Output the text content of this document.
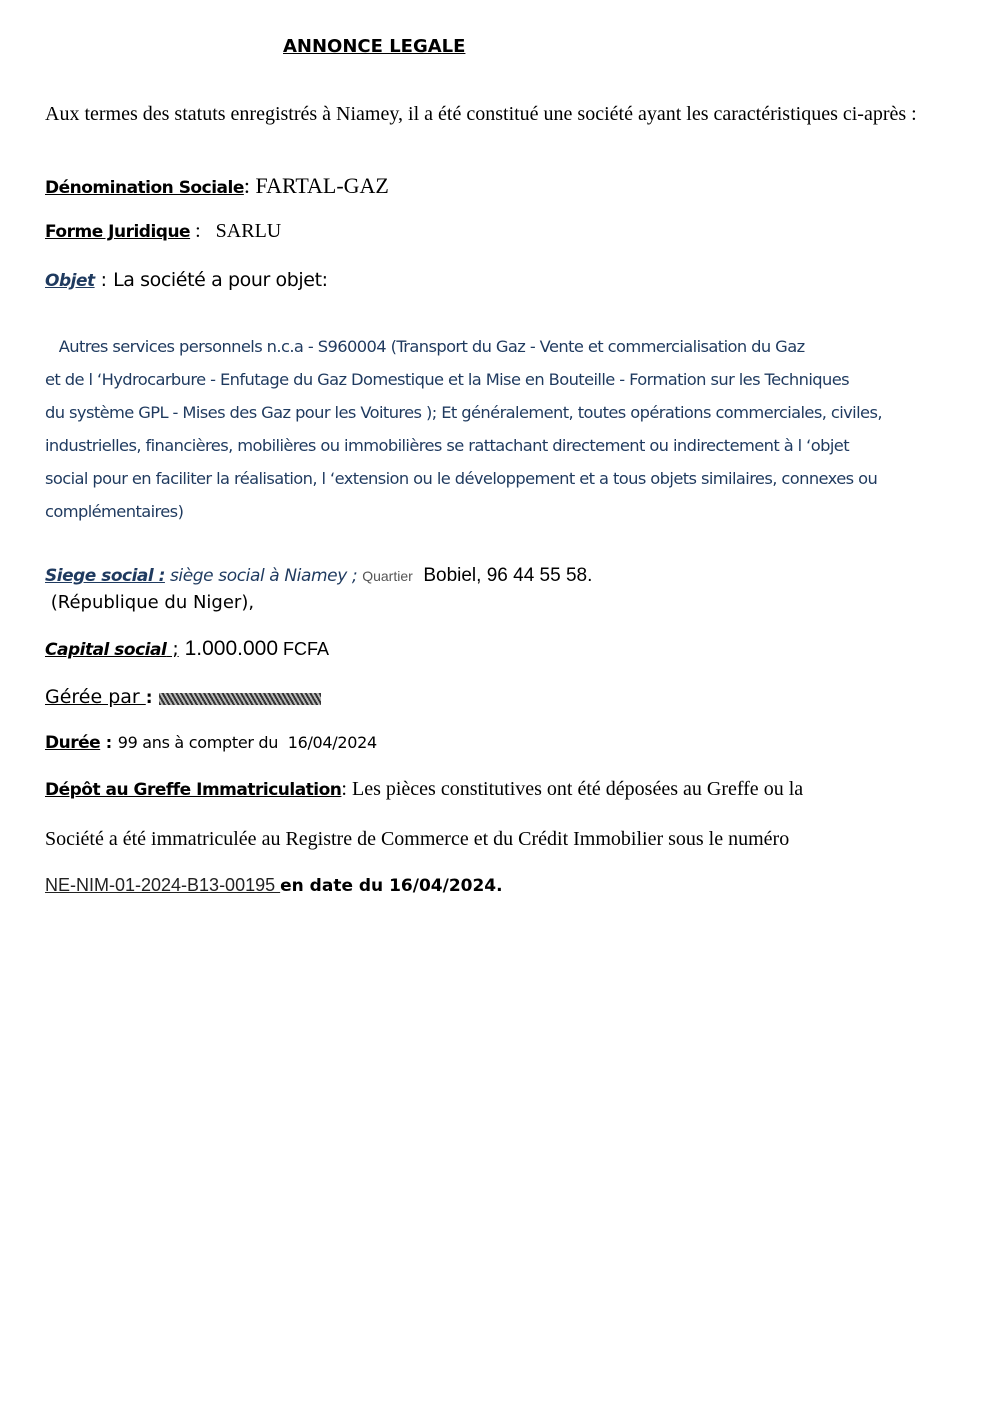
ANNONCE LEGALE
Aux termes des statuts enregistrés à Niamey, il a été constitué une société ayant les caractéristiques ci-après :
Dénomination Sociale: FARTAL-GAZ
Forme Juridique :   SARLU
Objet : La société a pour objet:
Autres services personnels n.c.a - S960004 (Transport du Gaz - Vente et commercialisation du Gaz
et de l ‘Hydrocarbure - Enfutage du Gaz Domestique et la Mise en Bouteille - Formation sur les Techniques
du système GPL - Mises des Gaz pour les Voitures ); Et généralement, toutes opérations commerciales, civiles,
industrielles, financières, mobilières ou immobilières se rattachant directement ou indirectement à l ‘objet
social pour en faciliter la réalisation, l ‘extension ou le développement et a tous objets similaires, connexes ou
complémentaires)
Siege social : siège social à Niamey ; Quartier  Bobiel, 96 44 55 58.
(République du Niger),
Capital social ; 1.000.000 FCFA
Gérée par :
Durée : 99 ans à compter du  16/04/2024
Dépôt au Greffe Immatriculation: Les pièces constitutives ont été déposées au Greffe ou la
Société a été immatriculée au Registre de Commerce et du Crédit Immobilier sous le numéro
NE-NIM-01-2024-B13-00195 en date du 16/04/2024.
